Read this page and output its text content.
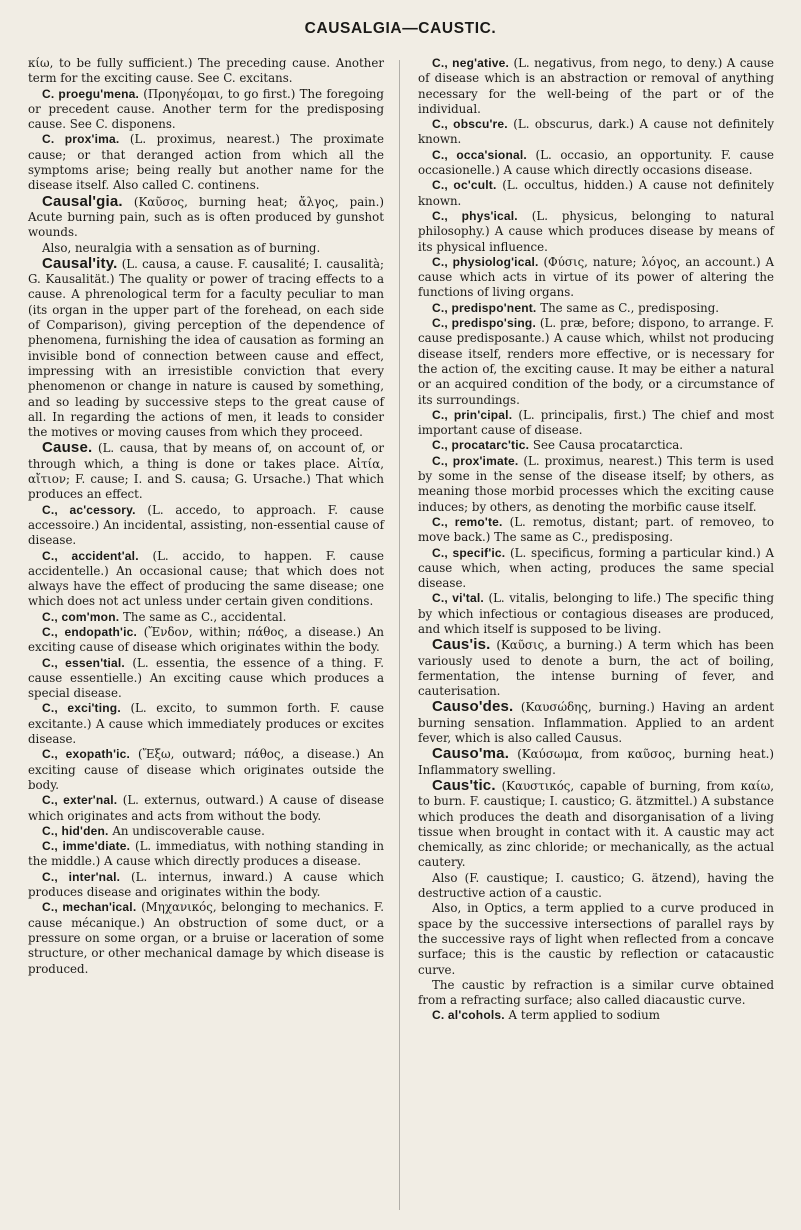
CAUSALGIA—CAUSTIC.

κίω, to be fully sufficient.) The preceding cause. Another term for the exciting cause. See C. excitans.

C. proegu'mena. (Προηγέομαι, to go first.) The foregoing or precedent cause. Another term for the predisposing cause. See C. disponens.

C. prox'ima. (L. proximus, nearest.) The proximate cause; or that deranged action from which all the symptoms arise; being really but another name for the disease itself. Also called C. continens.

Causal'gia. (Καῦσος, burning heat; ἄλγος, pain.) Acute burning pain, such as is often produced by gunshot wounds.

Also, neuralgia with a sensation as of burning.

Causal'ity. (L. causa, a cause. F. causalité; I. causalità; G. Kausalität.) The quality or power of tracing effects to a cause. A phrenological term for a faculty peculiar to man (its organ in the upper part of the forehead, on each side of Comparison), giving perception of the dependence of phenomena, furnishing the idea of causation as forming an invisible bond of connection between cause and effect, impressing with an irresistible conviction that every phenomenon or change in nature is caused by something, and so leading by successive steps to the great cause of all. In regarding the actions of men, it leads to consider the motives or moving causes from which they proceed.

Cause. (L. causa, that by means of, on account of, or through which, a thing is done or takes place. Αἰτία, αἴτιον; F. cause; I. and S. causa; G. Ursache.) That which produces an effect.

C., ac'cessory. (L. accedo, to approach. F. cause accessoire.) An incidental, assisting, non-essential cause of disease.

C., accident'al. (L. accido, to happen. F. cause accidentelle.) An occasional cause; that which does not always have the effect of producing the same disease; one which does not act unless under certain given conditions.

C., com'mon. The same as C., accidental.

C., endopath'ic. (Ἔνδον, within; πάθος, a disease.) An exciting cause of disease which originates within the body.

C., essen'tial. (L. essentia, the essence of a thing. F. cause essentielle.) An exciting cause which produces a special disease.

C., exci'ting. (L. excito, to summon forth. F. cause excitante.) A cause which immediately produces or excites disease.

C., exopath'ic. (Ἔξω, outward; πάθος, a disease.) An exciting cause of disease which originates outside the body.

C., exter'nal. (L. externus, outward.) A cause of disease which originates and acts from without the body.

C., hid'den. An undiscoverable cause.

C., imme'diate. (L. immediatus, with nothing standing in the middle.) A cause which directly produces a disease.

C., inter'nal. (L. internus, inward.) A cause which produces disease and originates within the body.

C., mechan'ical. (Μηχανικός, belonging to mechanics. F. cause mécanique.) An obstruction of some duct, or a pressure on some organ, or a bruise or laceration of some structure, or other mechanical damage by which disease is produced.

C., neg'ative. (L. negativus, from nego, to deny.) A cause of disease which is an abstraction or removal of anything necessary for the well-being of the part or of the individual.

C., obscu're. (L. obscurus, dark.) A cause not definitely known.

C., occa'sional. (L. occasio, an opportunity. F. cause occasionelle.) A cause which directly occasions disease.

C., oc'cult. (L. occultus, hidden.) A cause not definitely known.

C., phys'ical. (L. physicus, belonging to natural philosophy.) A cause which produces disease by means of its physical influence.

C., physiolog'ical. (Φύσις, nature; λόγος, an account.) A cause which acts in virtue of its power of altering the functions of living organs.

C., predispo'nent. The same as C., predisposing.

C., predispo'sing. (L. præ, before; dispono, to arrange. F. cause predisposante.) A cause which, whilst not producing disease itself, renders more effective, or is necessary for the action of, the exciting cause. It may be either a natural or an acquired condition of the body, or a circumstance of its surroundings.

C., prin'cipal. (L. principalis, first.) The chief and most important cause of disease.

C., procatarc'tic. See Causa procatarctica.

C., prox'imate. (L. proximus, nearest.) This term is used by some in the sense of the disease itself; by others, as meaning those morbid processes which the exciting cause induces; by others, as denoting the morbific cause itself.

C., remo'te. (L. remotus, distant; part. of removeo, to move back.) The same as C., predisposing.

C., specif'ic. (L. specificus, forming a particular kind.) A cause which, when acting, produces the same special disease.

C., vi'tal. (L. vitalis, belonging to life.) The specific thing by which infectious or contagious diseases are produced, and which itself is supposed to be living.

Caus'is. (Καῦσις, a burning.) A term which has been variously used to denote a burn, the act of boiling, fermentation, the intense burning of fever, and cauterisation.

Causo'des. (Καυσώδης, burning.) Having an ardent burning sensation. Inflammation. Applied to an ardent fever, which is also called Causus.

Causo'ma. (Καύσωμα, from καῦσος, burning heat.) Inflammatory swelling.

Caus'tic. (Καυστικός, capable of burning, from καίω, to burn. F. caustique; I. caustico; G. ätzmittel.) A substance which produces the death and disorganisation of a living tissue when brought in contact with it. A caustic may act chemically, as zinc chloride; or mechanically, as the actual cautery.

Also (F. caustique; I. caustico; G. ätzend), having the destructive action of a caustic.

Also, in Optics, a term applied to a curve produced in space by the successive intersections of parallel rays by the successive rays of light when reflected from a concave surface; this is the caustic by reflection or catacaustic curve.

The caustic by refraction is a similar curve obtained from a refracting surface; also called diacaustic curve.

C. al'cohols. A term applied to sodium
